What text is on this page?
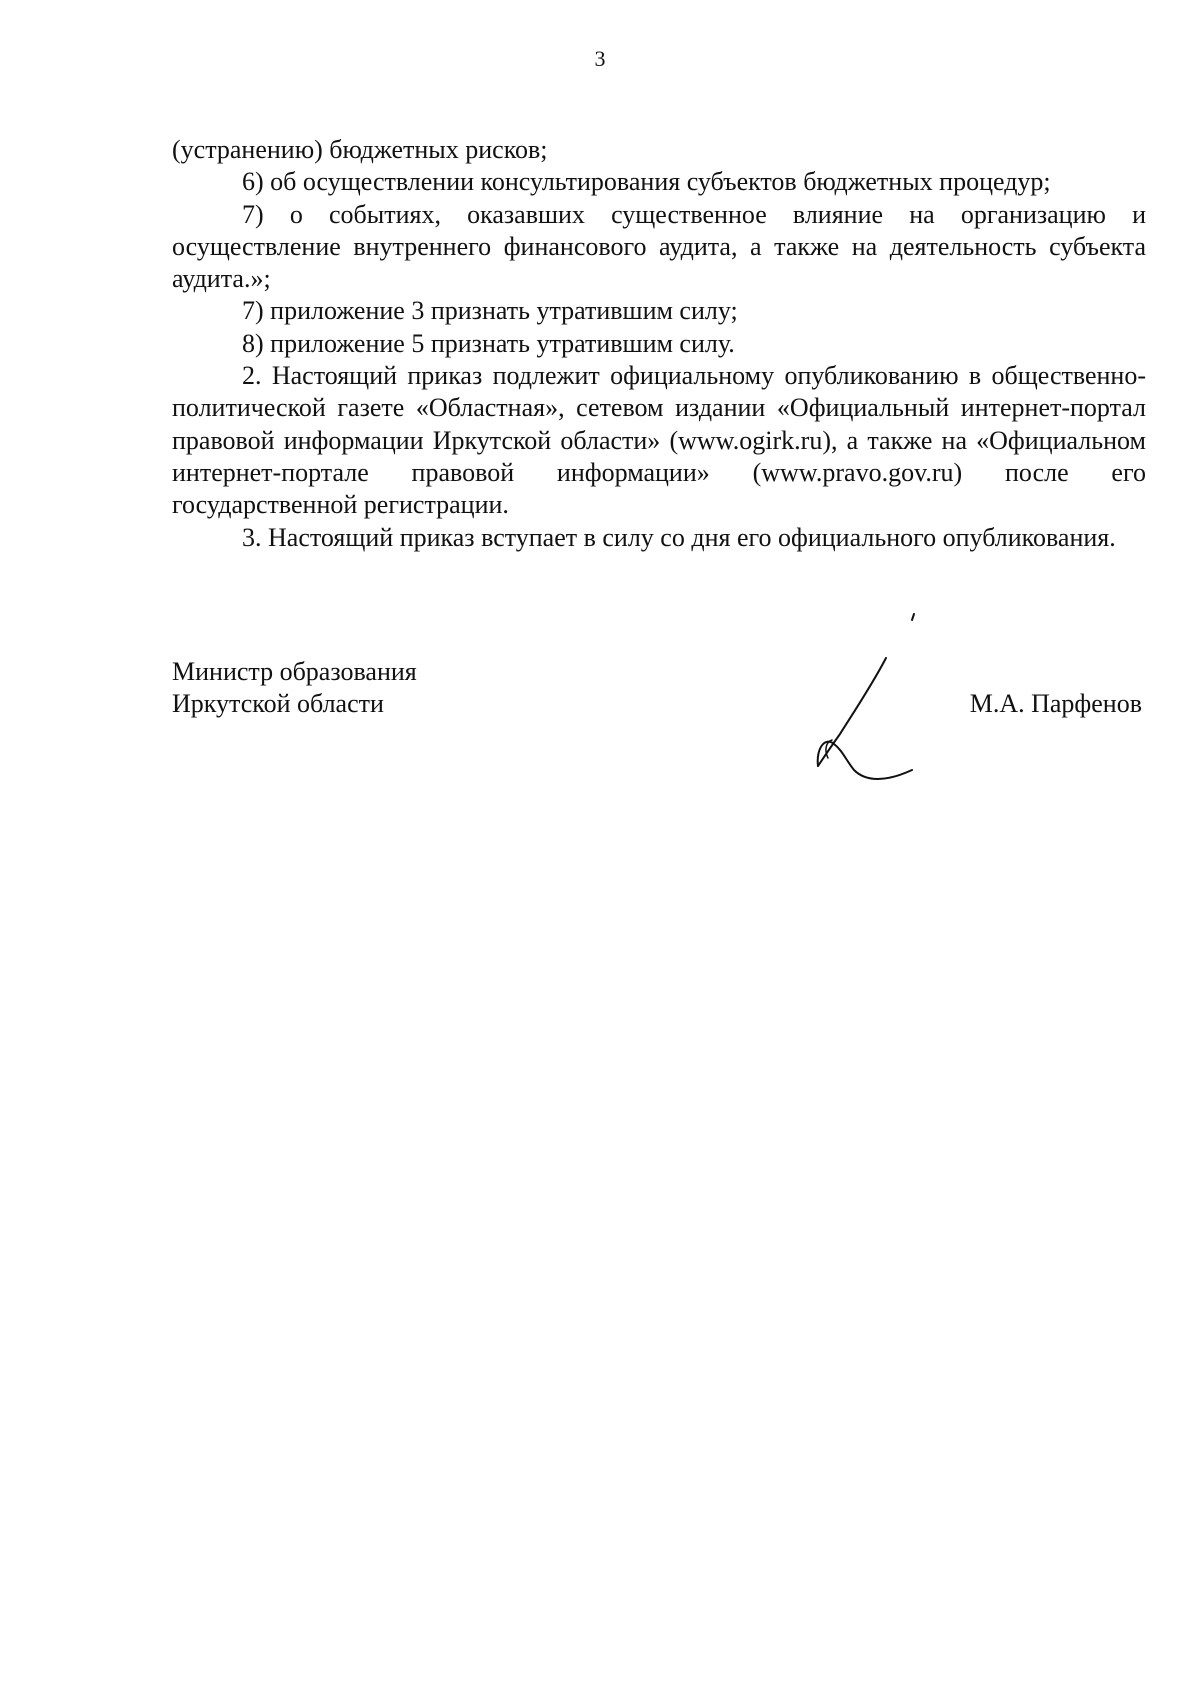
3

(устранению) бюджетных рисков;

6) об осуществлении консультирования субъектов бюджетных процедур;

7) о событиях, оказавших существенное влияние на организацию и осуществление внутреннего финансового аудита, а также на деятельность субъекта аудита.»;

7) приложение 3 признать утратившим силу;

8) приложение 5 признать утратившим силу.

2. Настоящий приказ подлежит официальному опубликованию в общественно-политической газете «Областная», сетевом издании «Официальный интернет-портал правовой информации Иркутской области» (www.ogirk.ru), а также на «Официальном интернет-портале правовой информации» (www.pravo.gov.ru) после его государственной регистрации.

3. Настоящий приказ вступает в силу со дня его официального опубликования.

Министр образования
Иркутской области	М.А. Парфенов
